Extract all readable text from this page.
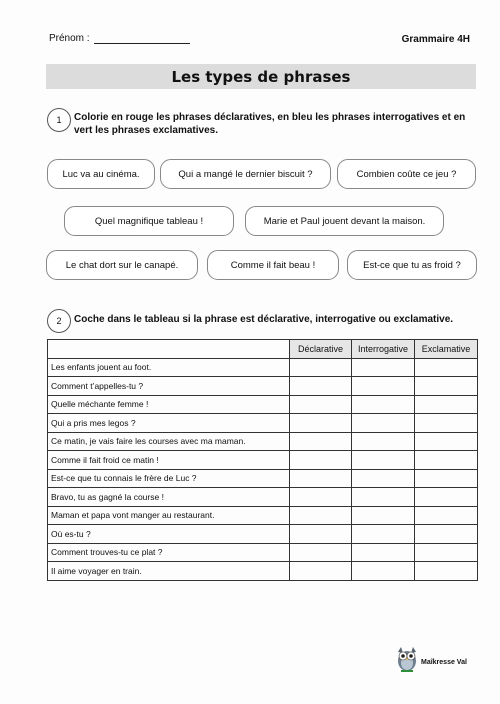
Prénom :	Grammaire 4H
Les types de phrases
1	Colorie en rouge les phrases déclaratives, en bleu les phrases interrogatives et en vert les phrases exclamatives.
Luc va au cinéma.	Qui a mangé le dernier biscuit ?	Combien coûte ce jeu ?
Quel magnifique tableau !	Marie et Paul jouent devant la maison.
Le chat dort sur le canapé.	Comme il fait beau !	Est-ce que tu as froid ?
2	Coche dans le tableau si la phrase est déclarative, interrogative ou exclamative.
	Déclarative	Interrogative	Exclamative
Les enfants jouent au foot.			
Comment t’appelles-tu ?			
Quelle méchante femme !			
Qui a pris mes legos ?			
Ce matin, je vais faire les courses avec ma maman.			
Comme il fait froid ce matin !			
Est-ce que tu connais le frère de Luc ?			
Bravo, tu as gagné la course !			
Maman et papa vont manger au restaurant.			
Où es-tu ?			
Comment trouves-tu ce plat ?			
Il aime voyager en train.			
Maîkresse Val
